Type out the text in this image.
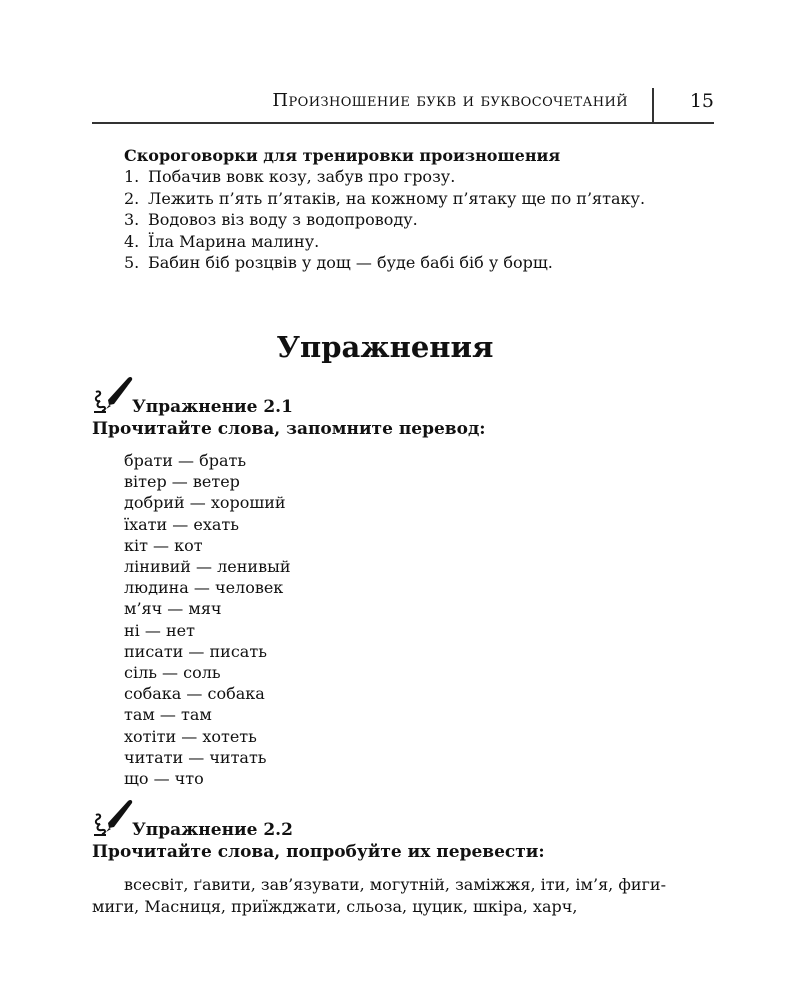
Произношение букв и буквосочетаний	15
Скороговорки для тренировки произношения
1. Побачив вовк козу, забув про грозу.
2. Лежить п’ять п’ятаків, на кожному п’ятаку ще по п’ятаку.
3. Водовоз віз воду з водопроводу.
4. Їла Марина малину.
5. Бабин біб розцвів у дощ — буде бабі біб у борщ.
Упражнения
Упражнение 2.1
Прочитайте слова, запомните перевод:
брати — брать
вітер — ветер
добрий — хороший
їхати — ехать
кіт — кот
лінивий — ленивый
людина — человек
м’яч — мяч
ні — нет
писати — писать
сіль — соль
собака — собака
там — там
хотіти — хотеть
читати — читать
що — что
Упражнение 2.2
Прочитайте слова, попробуйте их перевести:
всесвіт, ґавити, зав’язувати, могутній, заміжжя, іти, ім’я, фиги-
миги, Масниця, приїжджати, сльоза, цуцик, шкіра, харч,
